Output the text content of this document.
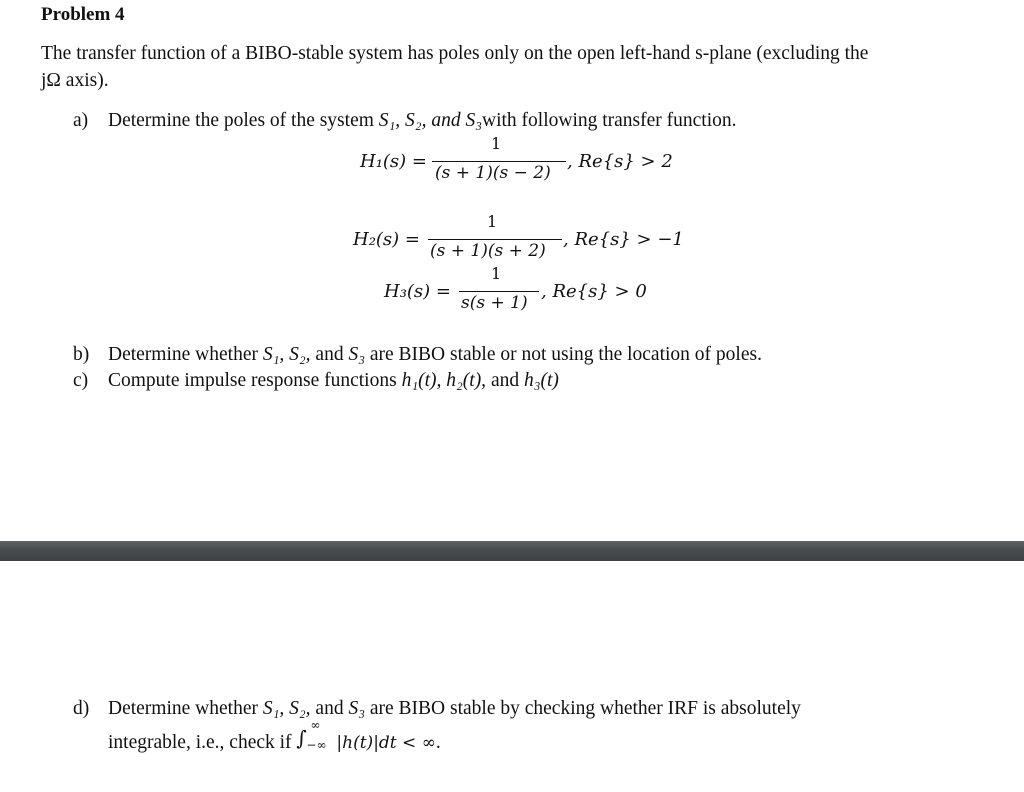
Problem 4
The transfer function of a BIBO-stable system has poles only on the open left-hand s-plane (excluding the
jΩ axis).
a) Determine the poles of the system S₁, S₂, and S₃with following transfer function.
H₁(s) =
1
(s + 1)(s − 2)
, Re{s} > 2
H₂(s) =
1
(s + 1)(s + 2)
, Re{s} > −1
H₃(s) =
1
s(s + 1)
, Re{s} > 0
b) Determine whether S₁, S₂, and S₃ are BIBO stable or not using the location of poles.
c) Compute impulse response functions h₁(t), h₂(t), and h₃(t)
d) Determine whether S₁, S₂, and S₃ are BIBO stable by checking whether IRF is absolutely
integrable, i.e., check if ∫
∞
−∞ |h(t)|dt < ∞.
